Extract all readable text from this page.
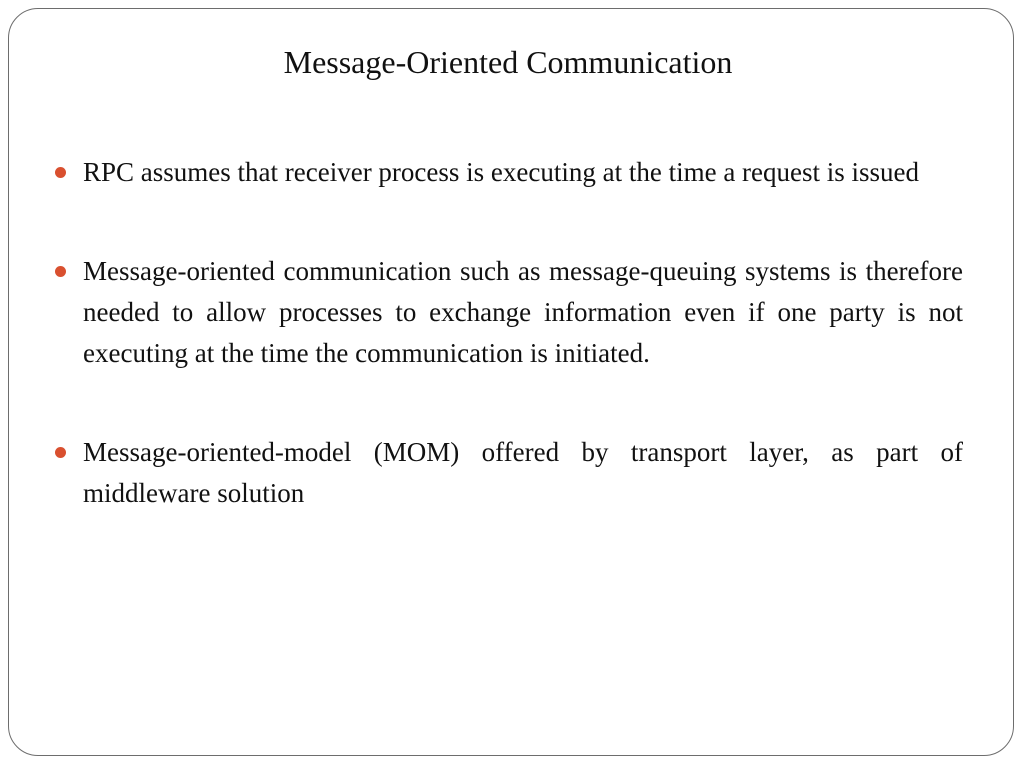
Message-Oriented Communication
RPC assumes that receiver process is executing at the time a request is issued
Message-oriented communication such as message-queuing systems is therefore needed to allow processes to exchange information even if one party is not executing at the time the communication is initiated.
Message-oriented-model (MOM) offered by transport layer, as part of middleware solution
